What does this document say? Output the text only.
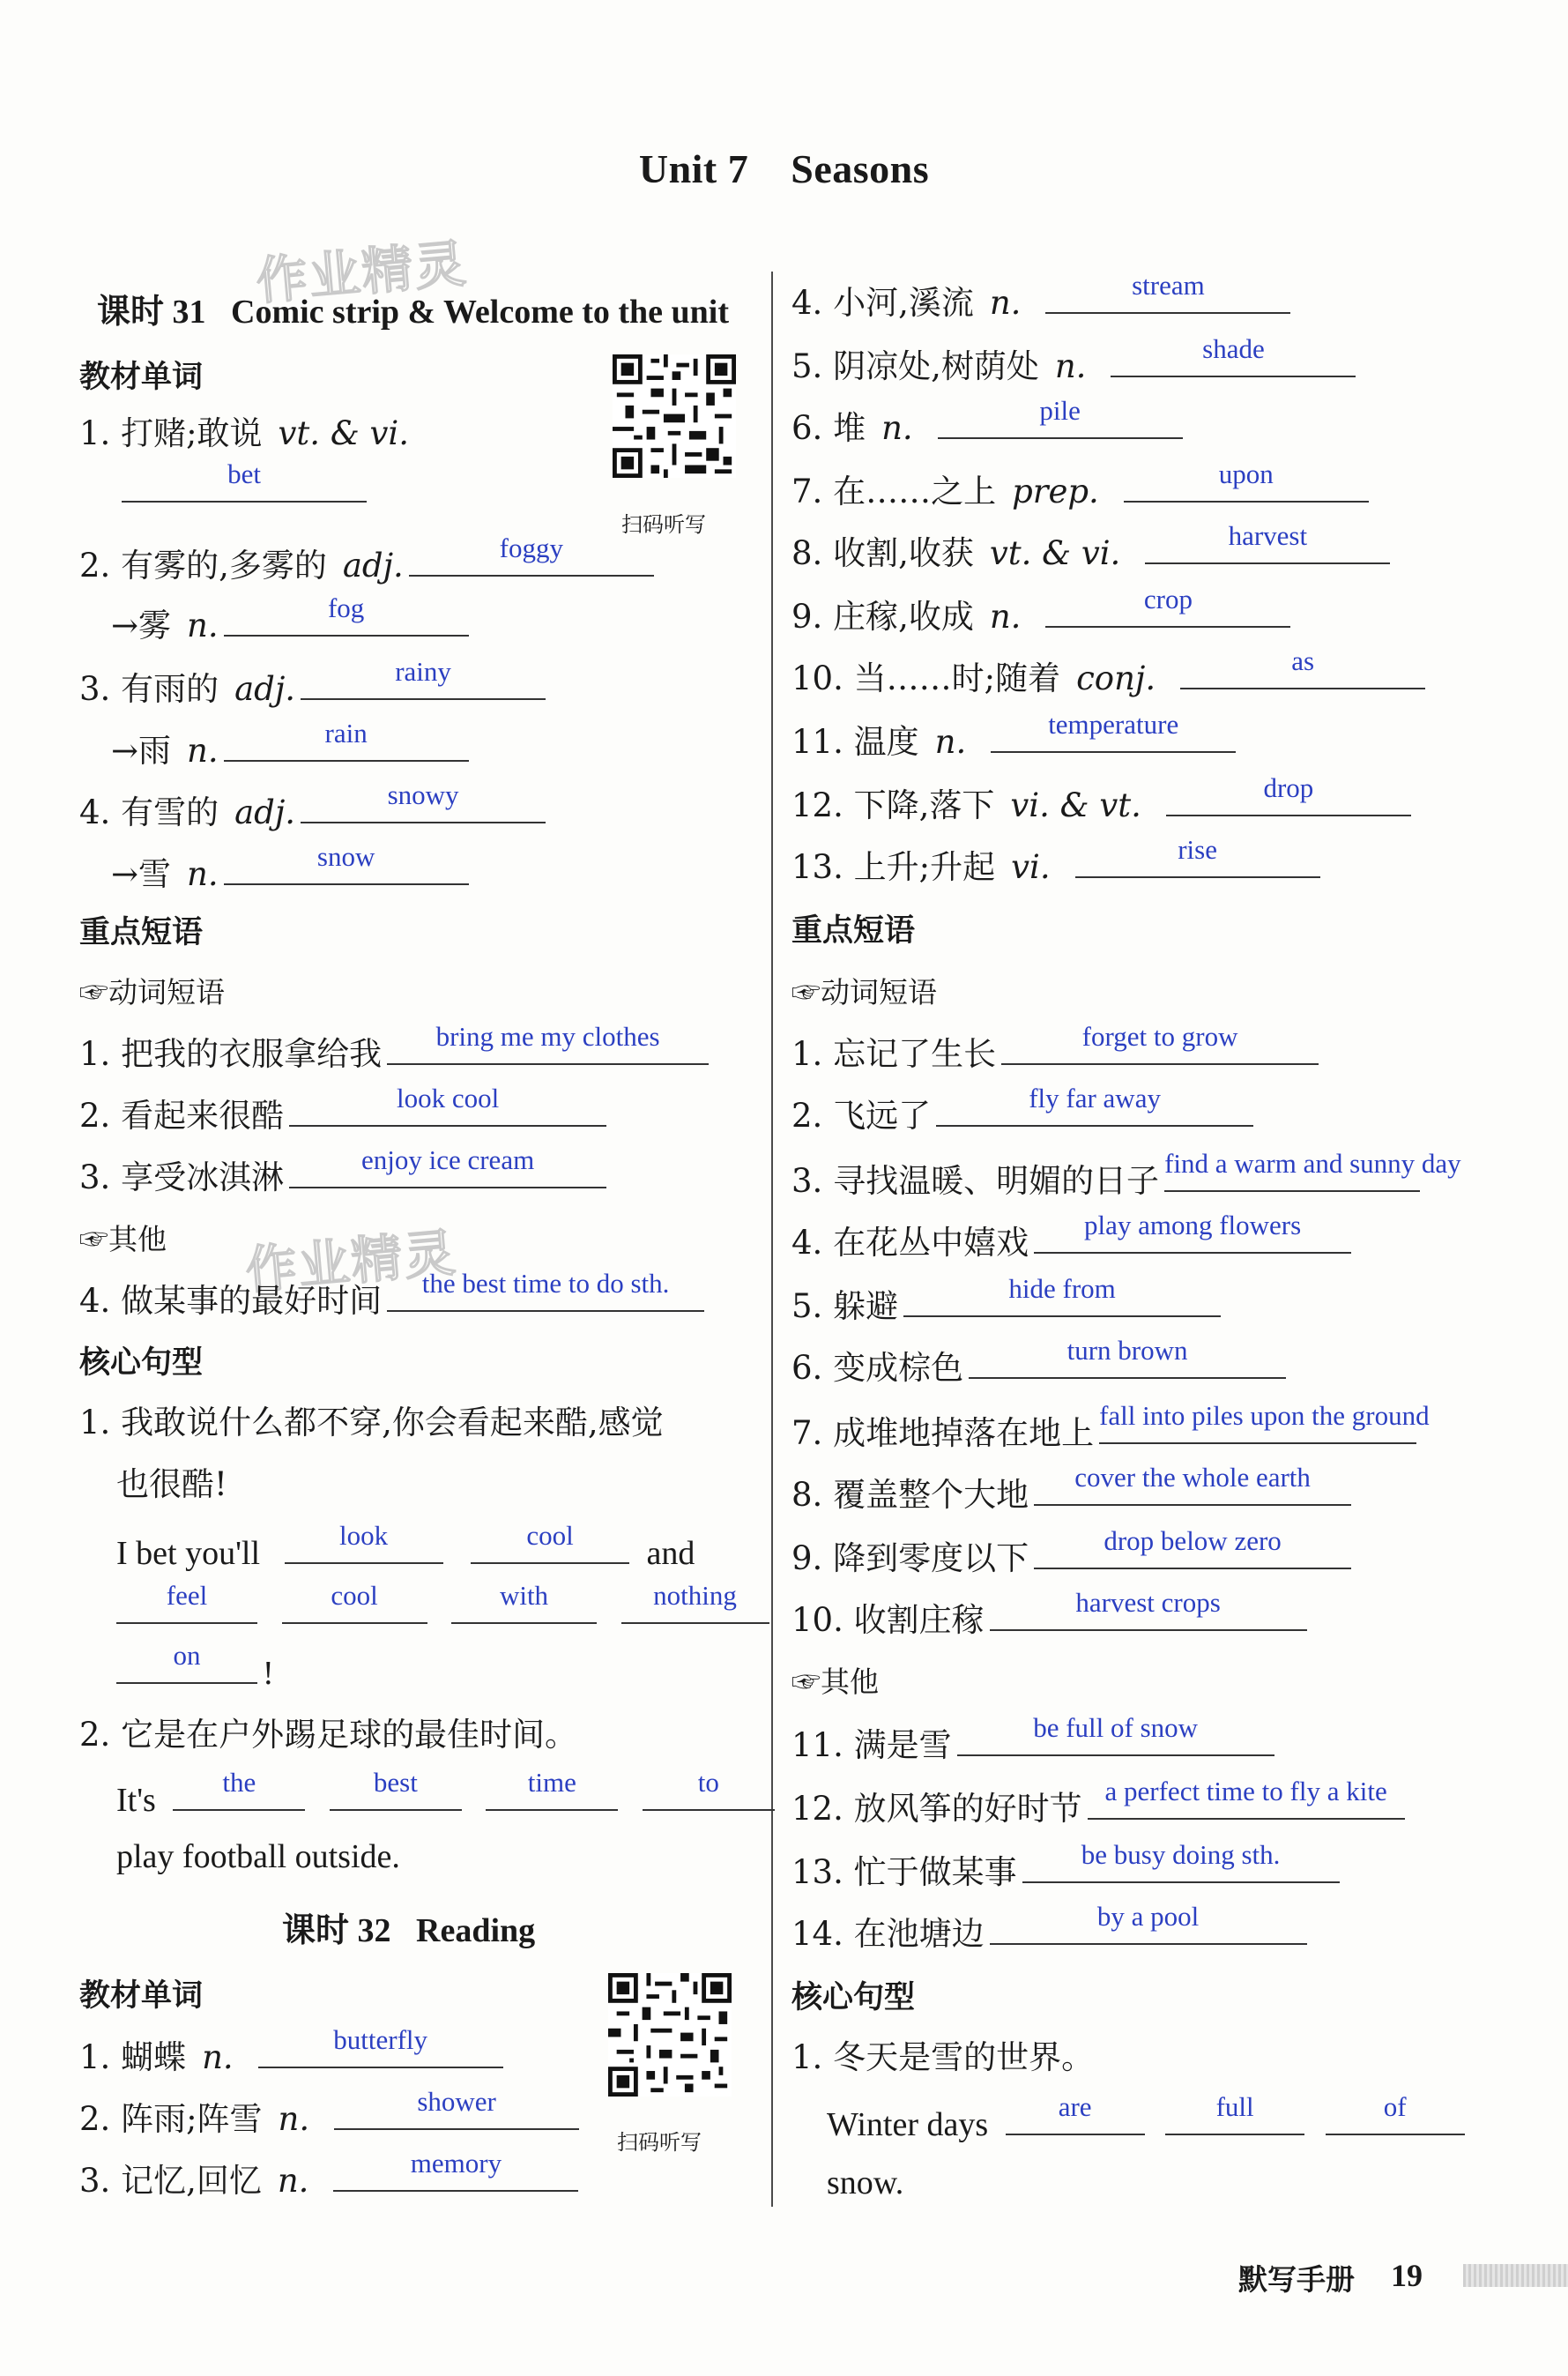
Unit 7    Seasons
作业精灵
作业精灵
课时 31 Comic strip & Welcome to the unit
教材单词
扫码听写
1. 打赌;敢说 vt. & vi.
bet
2. 有雾的,多雾的 adj.	foggy
→雾 n.	fog
3. 有雨的 adj.	rainy
→雨 n.	rain
4. 有雪的 adj.	snowy
→雪 n.	snow
重点短语
☞动词短语
1. 把我的衣服拿给我	bring me my clothes
2. 看起来很酷	look cool
3. 享受冰淇淋	enjoy ice cream
☞其他
4. 做某事的最好时间	the best time to do sth.
核心句型
1. 我敢说什么都不穿,你会看起来酷,感觉
也很酷!
I bet you'll	look
	cool	and
feel
	cool
	with
	nothing
on	!
2. 它是在户外踢足球的最佳时间。
It's	the
	best
	time
	to
play football outside.
课时 32 Reading
教材单词
扫码听写
1. 蝴蝶 n.	butterfly
2. 阵雨;阵雪 n.	shower
3. 记忆,回忆 n.	memory
4. 小河,溪流 n.	stream
5. 阴凉处,树荫处 n.	shade
6. 堆 n.	pile
7. 在……之上 prep.	upon
8. 收割,收获 vt. & vi.	harvest
9. 庄稼,收成 n.	crop
10. 当……时;随着 conj.	as
11. 温度 n.	temperature
12. 下降,落下 vi. & vt.	drop
13. 上升;升起 vi.	rise
重点短语
☞动词短语
1. 忘记了生长	forget to grow
2. 飞远了	fly far away
3. 寻找温暖、明媚的日子 find a warm and sunny day
4. 在花丛中嬉戏	play among flowers
5. 躲避	hide from
6. 变成棕色	turn brown
7. 成堆地掉落在地上 fall into piles upon the ground
8. 覆盖整个大地	cover the whole earth
9. 降到零度以下	drop below zero
10. 收割庄稼	harvest crops
☞其他
11. 满是雪	be full of snow
12. 放风筝的好时节 a perfect time to fly a kite
13. 忙于做某事	be busy doing sth.
14. 在池塘边	by a pool
核心句型
1. 冬天是雪的世界。
Winter days	are
	full
	of
snow.
默写手册 19
